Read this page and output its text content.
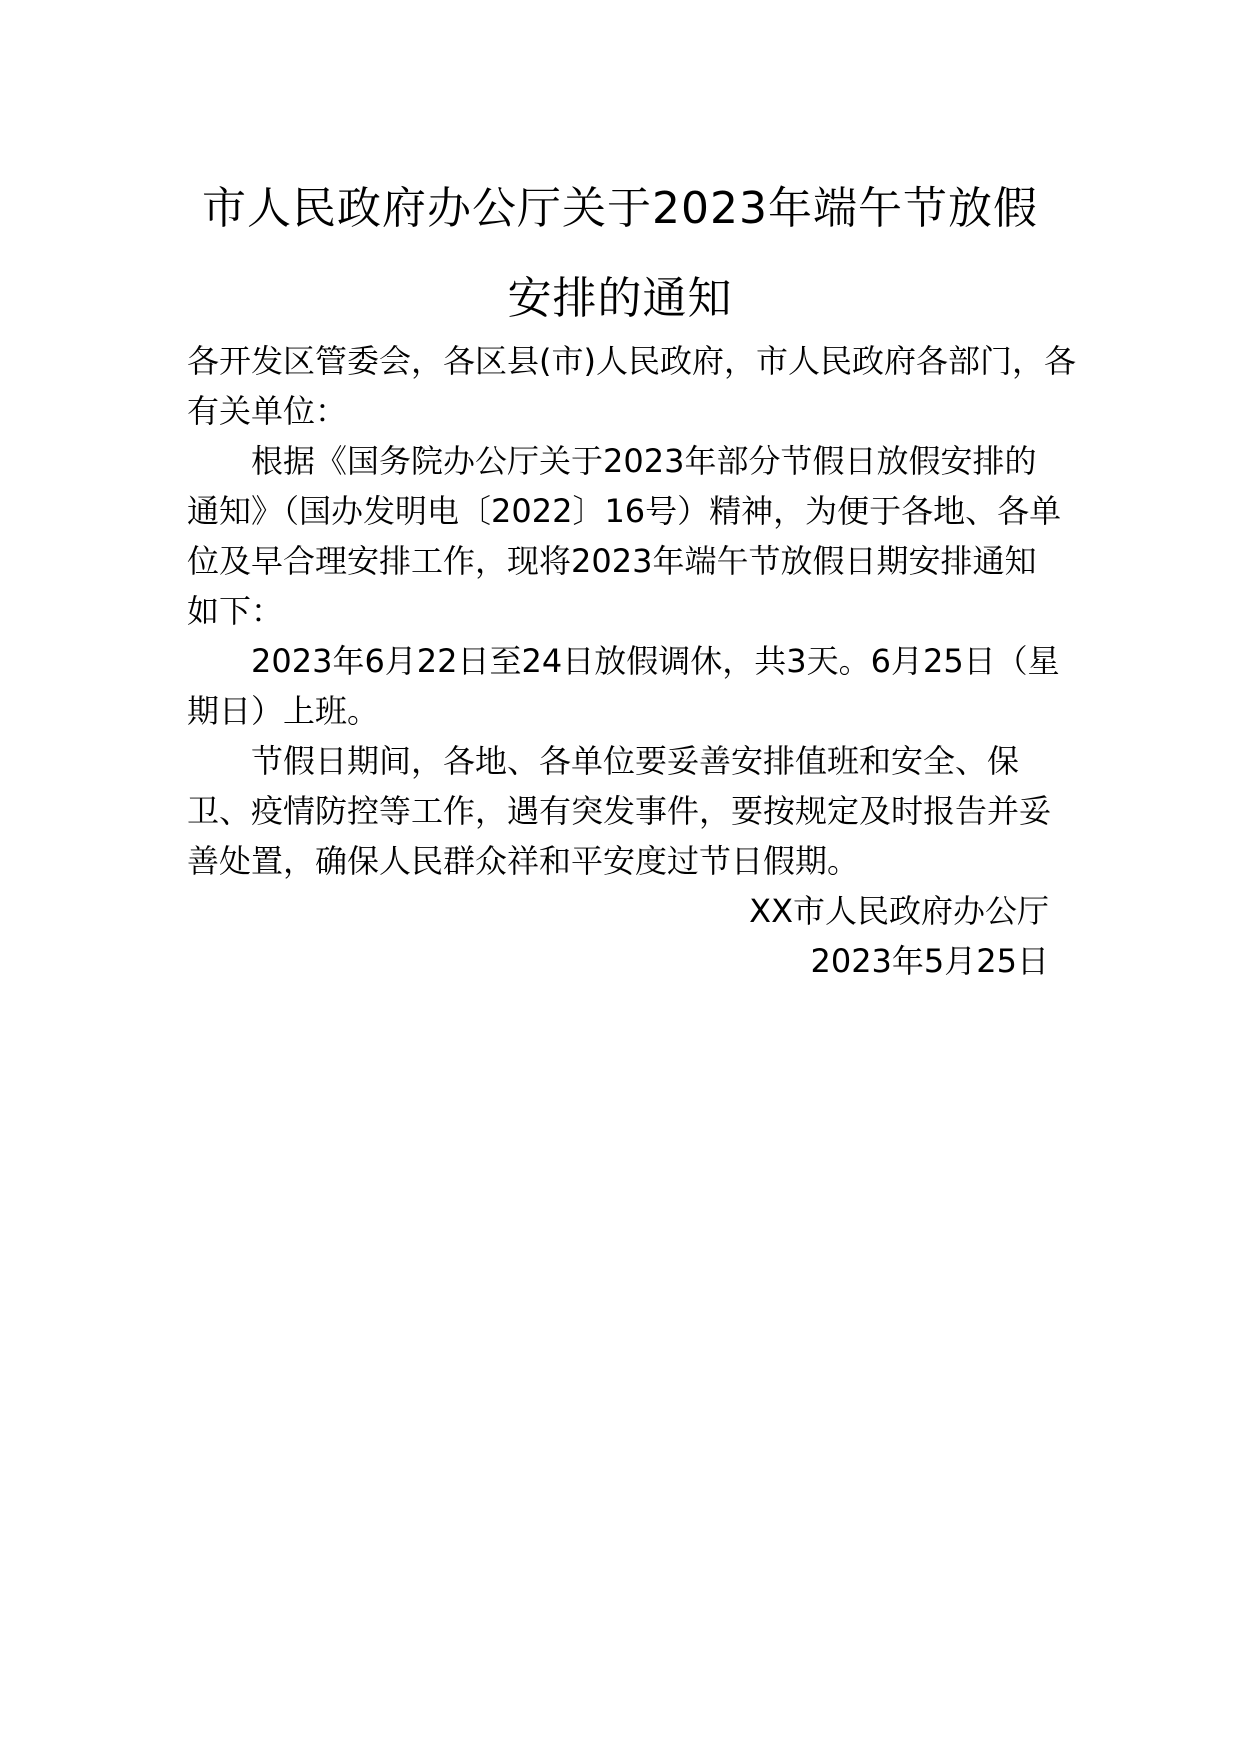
市人民政府办公厅关于2023年端午节放假
安排的通知

各开发区管委会，各区县(市)人民政府，市人民政府各部门，各有关单位：

根据《国务院办公厅关于2023年部分节假日放假安排的通知》（国办发明电〔2022〕16号）精神，为便于各地、各单位及早合理安排工作，现将2023年端午节放假日期安排通知如下：

2023年6月22日至24日放假调休，共3天。6月25日（星期日）上班。

节假日期间，各地、各单位要妥善安排值班和安全、保卫、疫情防控等工作，遇有突发事件，要按规定及时报告并妥善处置，确保人民群众祥和平安度过节日假期。

XX市人民政府办公厅

2023年5月25日
